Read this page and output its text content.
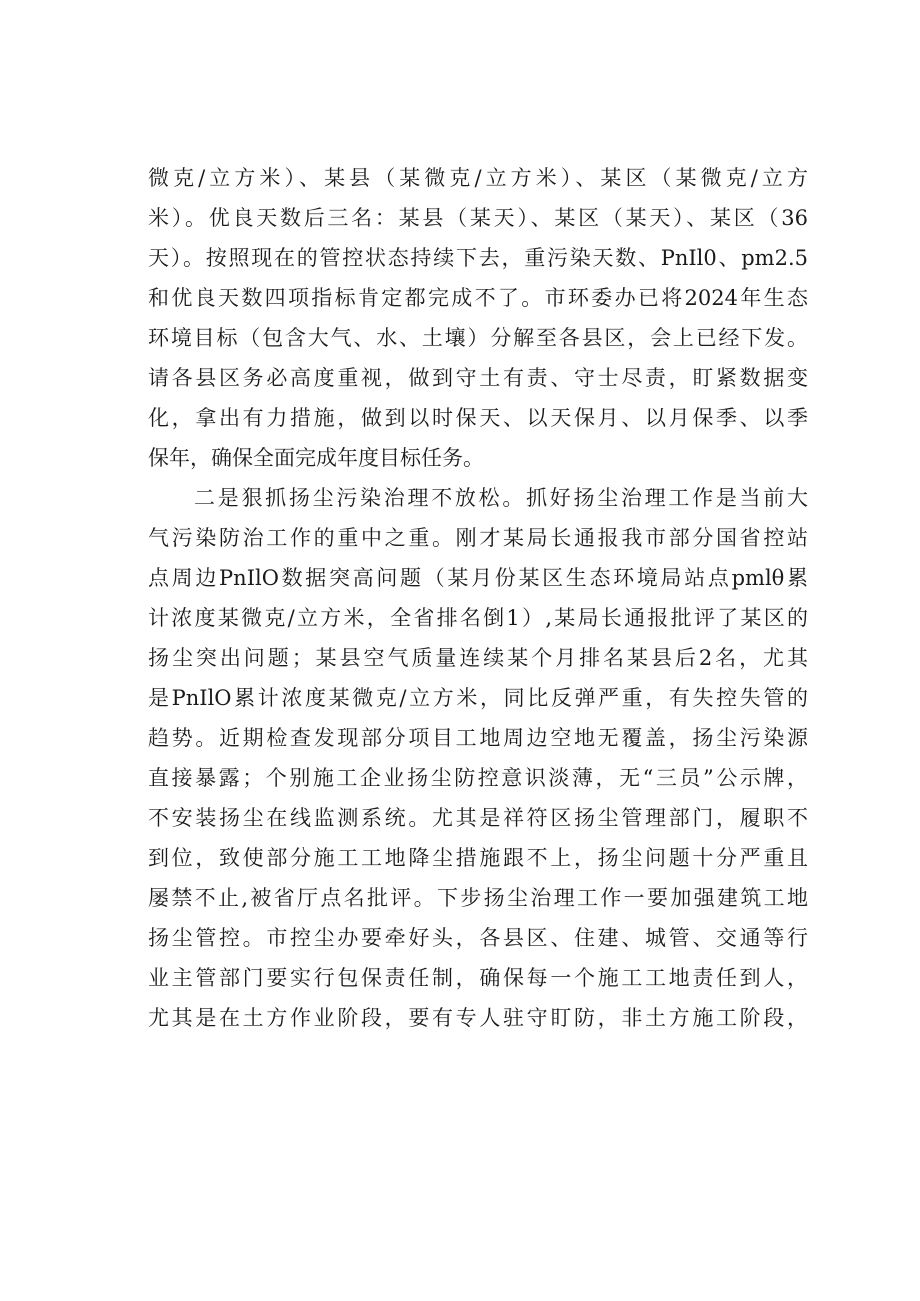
微克/立方米）、某县（某微克/立方米）、某区（某微克/立方
米）。优良天数后三名：某县（某天）、某区（某天）、某区（36
天）。按照现在的管控状态持续下去，重污染天数、PnIl0、pm2.5
和优良天数四项指标肯定都完成不了。市环委办已将2024年生态
环境目标（包含大气、水、土壤）分解至各县区，会上已经下发。
请各县区务必高度重视，做到守土有责、守士尽责，盯紧数据变
化，拿出有力措施，做到以时保天、以天保月、以月保季、以季
保年，确保全面完成年度目标任务。
二是狠抓扬尘污染治理不放松。抓好扬尘治理工作是当前大
气污染防治工作的重中之重。刚才某局长通报我市部分国省控站
点周边PnIlO数据突高问题（某月份某区生态环境局站点pmlθ累
计浓度某微克/立方米，全省排名倒1）,某局长通报批评了某区的
扬尘突出问题；某县空气质量连续某个月排名某县后2名，尤其
是PnIlO累计浓度某微克/立方米，同比反弹严重，有失控失管的
趋势。近期检查发现部分项目工地周边空地无覆盖，扬尘污染源
直接暴露；个别施工企业扬尘防控意识淡薄，无“三员”公示牌，
不安装扬尘在线监测系统。尤其是祥符区扬尘管理部门，履职不
到位，致使部分施工工地降尘措施跟不上，扬尘问题十分严重且
屡禁不止,被省厅点名批评。下步扬尘治理工作一要加强建筑工地
扬尘管控。市控尘办要牵好头，各县区、住建、城管、交通等行
业主管部门要实行包保责任制，确保每一个施工工地责任到人，
尤其是在土方作业阶段，要有专人驻守盯防，非土方施工阶段，
